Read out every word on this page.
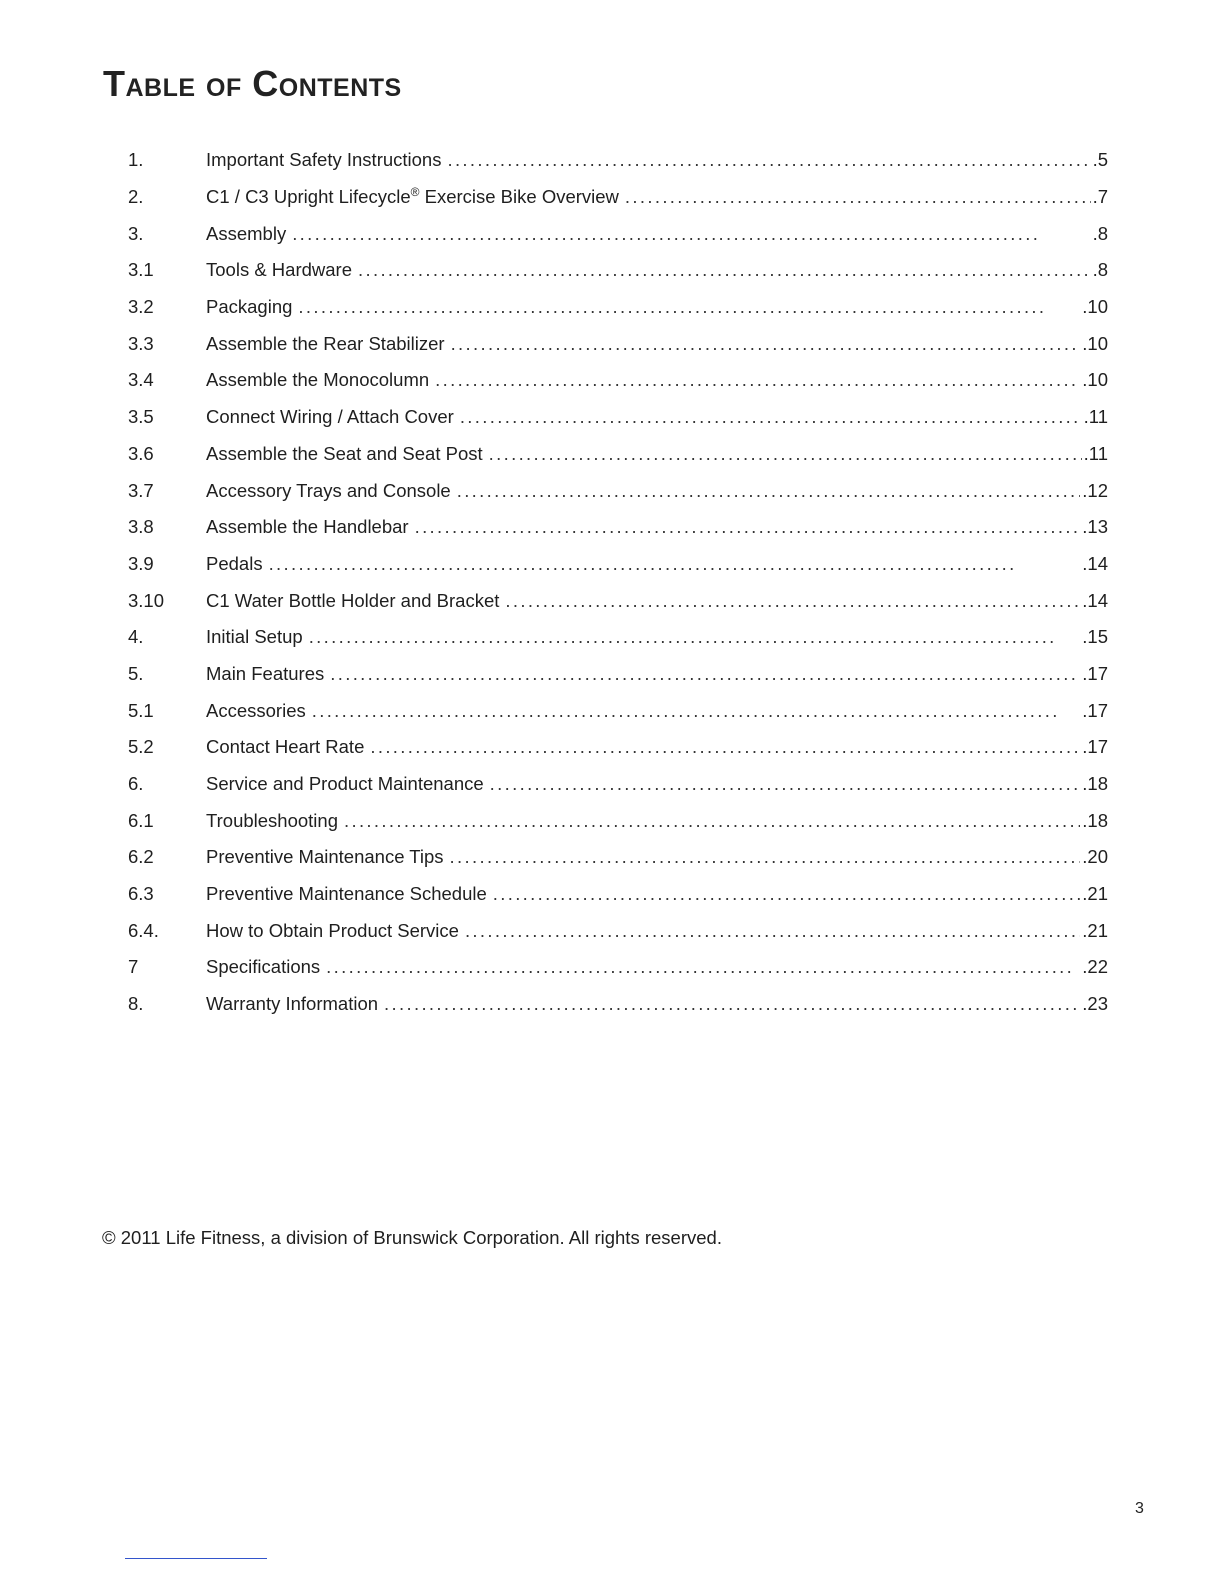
Table of Contents
1.	Important Safety Instructions . . .	.5
2.	C1 / C3 Upright Lifecycle® Exercise Bike Overview . . .	.7
3.	Assembly . . .	.8
3.1	Tools & Hardware . . .	.8
3.2	Packaging . . .	.10
3.3	Assemble the Rear Stabilizer . . .	.10
3.4	Assemble the Monocolumn . . .	.10
3.5	Connect Wiring / Attach Cover . . .	.11
3.6	Assemble the Seat and Seat Post . . .	.11
3.7	Accessory Trays and Console . . .	.12
3.8	Assemble the Handlebar . . .	.13
3.9	Pedals . . .	.14
3.10	C1 Water Bottle Holder and Bracket . . .	.14
4.	Initial Setup . . .	.15
5.	Main Features . . .	.17
5.1	Accessories . . .	.17
5.2	Contact Heart Rate . . .	.17
6.	Service and Product Maintenance . . .	.18
6.1	Troubleshooting . . .	.18
6.2	Preventive Maintenance Tips . . .	.20
6.3	Preventive Maintenance Schedule . . .	.21
6.4.	How to Obtain Product Service . . .	.21
7	Specifications . . .	.22
8.	Warranty Information . . .	.23
© 2011 Life Fitness, a division of Brunswick Corporation. All rights reserved.
3
